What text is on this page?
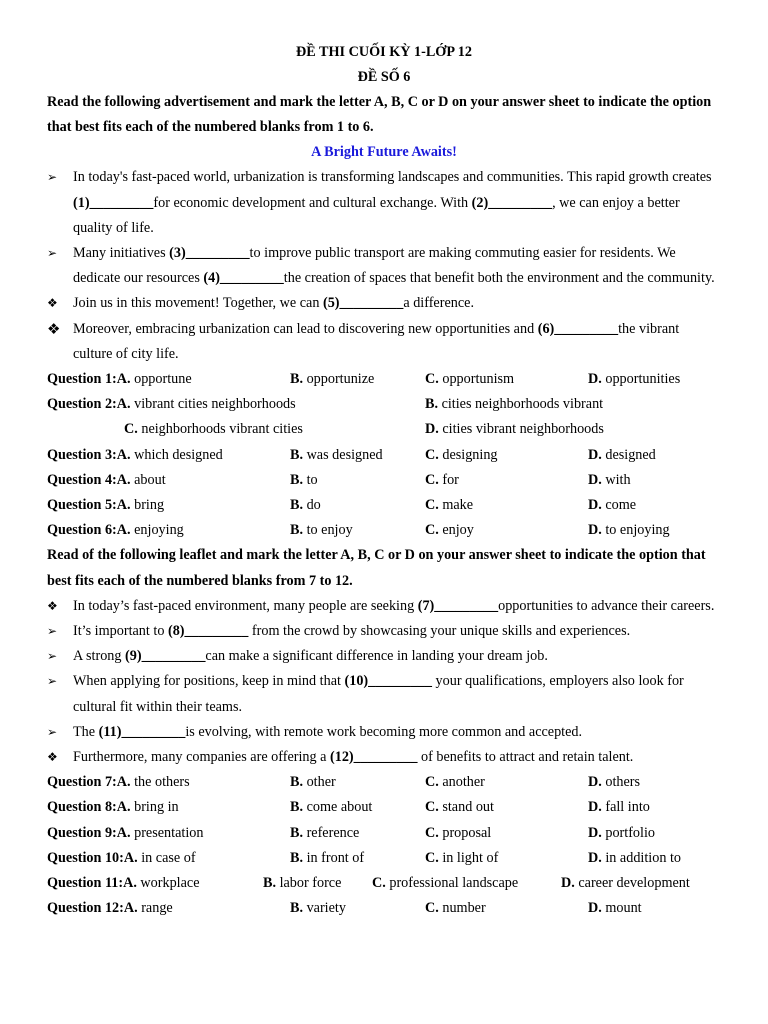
ĐỀ THI CUỐI KỲ 1-LỚP 12
ĐỀ SỐ 6
Read the following advertisement and mark the letter A, B, C or D on your answer sheet to indicate the option that best fits each of the numbered blanks from 1 to 6.
A Bright Future Awaits!
➢	In today's fast-paced world, urbanization is transforming landscapes and communities. This rapid growth creates (1)_________for economic development and cultural exchange. With (2)_________, we can enjoy a better quality of life.
➢	Many initiatives (3)_________to improve public transport are making commuting easier for residents. We dedicate our resources (4)_________the creation of spaces that benefit both the environment and the community.
❖	Join us in this movement! Together, we can (5)_________a difference.
❖ Moreover, embracing urbanization can lead to discovering new opportunities and (6)_________the vibrant culture of city life.
Question 1:A. opportune	B. opportunize	C. opportunism	D. opportunities
Question 2:A. vibrant cities neighborhoods	B. cities neighborhoods vibrant
C. neighborhoods vibrant cities	D. cities vibrant neighborhoods
Question 3:A. which designed	B. was designed	C. designing	D. designed
Question 4:A. about	B. to	C. for	D. with
Question 5:A. bring	B. do	C. make	D. come
Question 6:A. enjoying	B. to enjoy	C. enjoy	D. to enjoying
Read of the following leaflet and mark the letter A, B, C or D on your answer sheet to indicate the option that best fits each of the numbered blanks from 7 to 12.
❖	In today’s fast-paced environment, many people are seeking (7)_________opportunities to advance their careers.
➢	It’s important to (8)_________ from the crowd by showcasing your unique skills and experiences.
➢	A strong (9)_________can make a significant difference in landing your dream job.
➢	When applying for positions, keep in mind that (10)_________ your qualifications, employers also look for cultural fit within their teams.
➢	The (11)_________is evolving, with remote work becoming more common and accepted.
❖	Furthermore, many companies are offering a (12)_________ of benefits to attract and retain talent.
Question 7:A. the others	B. other	C. another	D. others
Question 8:A. bring in	B. come about	C. stand out	D. fall into
Question 9:A. presentation	B. reference	C. proposal	D. portfolio
Question 10:A. in case of	B. in front of	C. in light of	D. in addition to
Question 11:A. workplace	B. labor force C. professional landscape	D. career development
Question 12:A. range	B. variety	C. number	D. mount
